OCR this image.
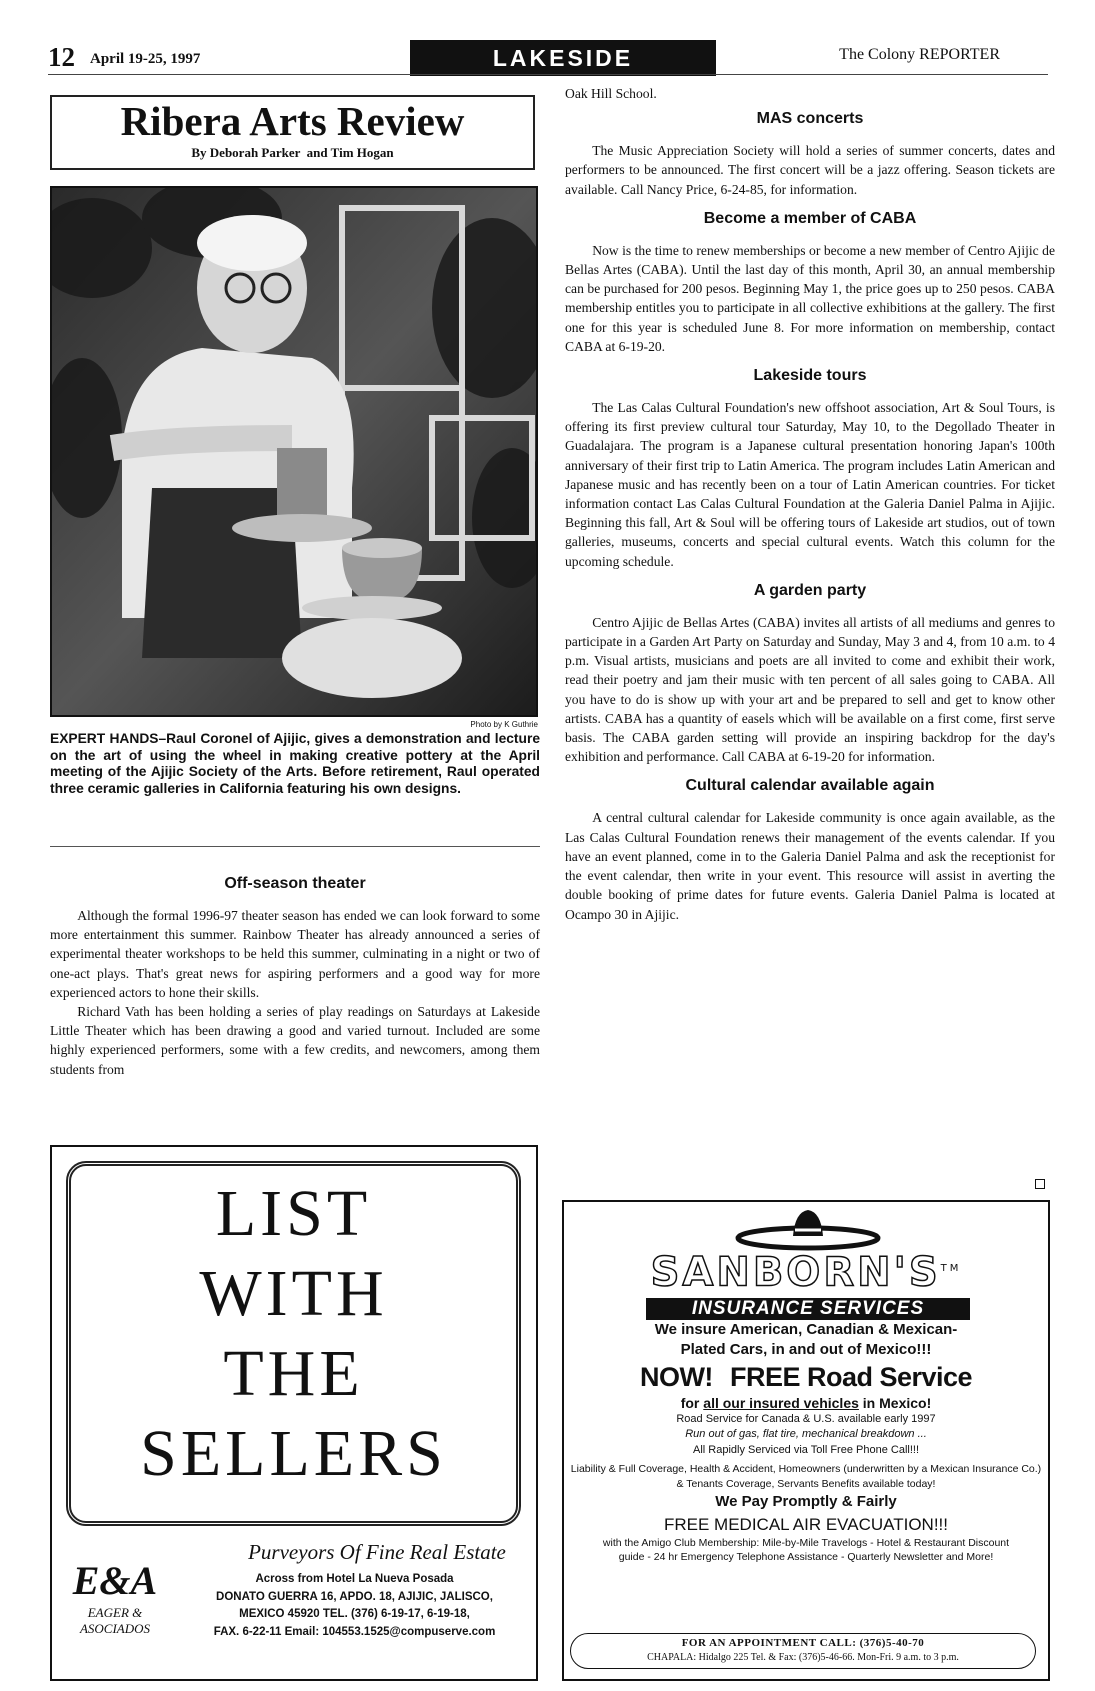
12 April 19-25, 1997	LAKESIDE	The Colony REPORTER
Ribera Arts Review
By Deborah Parker  and Tim Hogan
Photo by K Guthrie

EXPERT HANDS–Raul Coronel of Ajijic, gives a demonstration and lecture on the art of using the wheel in making creative pottery at the April meeting of the Ajijic Society of the Arts. Before retirement, Raul operated three ceramic galleries in California featuring his own designs.

Off-season theater

Although the formal 1996-97 theater season has ended we can look forward to some more entertainment this summer. Rainbow Theater has already announced a series of experimental theater workshops to be held this summer, culminating in a night or two of one-act plays. That's great news for aspiring performers and a good way for more experienced actors to hone their skills.

Richard Vath has been holding a series of play readings on Saturdays at Lakeside Little Theater which has been drawing a good and varied turnout. Included are some highly experienced performers, some with a few credits, and newcomers, among them students from

Oak Hill School.

MAS concerts

The Music Appreciation Society will hold a series of summer concerts, dates and performers to be announced. The first concert will be a jazz offering. Season tickets are available. Call Nancy Price, 6-24-85, for information.

Become a member of CABA

Now is the time to renew memberships or become a new member of Centro Ajijic de Bellas Artes (CABA). Until the last day of this month, April 30, an annual membership can be purchased for 200 pesos. Beginning May 1, the price goes up to 250 pesos. CABA membership entitles you to participate in all collective exhibitions at the gallery. The first one for this year is scheduled June 8. For more information on membership, contact CABA at 6-19-20.

Lakeside tours

The Las Calas Cultural Foundation's new offshoot association, Art & Soul Tours, is offering its first preview cultural tour Saturday, May 10, to the Degollado Theater in Guadalajara. The program is a Japanese cultural presentation honoring Japan's 100th anniversary of their first trip to Latin America. The program includes Latin American and Japanese music and has recently been on a tour of Latin American countries. For ticket information contact Las Calas Cultural Foundation at the Galeria Daniel Palma in Ajijic. Beginning this fall, Art & Soul will be offering tours of Lakeside art studios, out of town galleries, museums, concerts and special cultural events. Watch this column for the upcoming schedule.

A garden party

Centro Ajijic de Bellas Artes (CABA) invites all artists of all mediums and genres to participate in a Garden Art Party on Saturday and Sunday, May 3 and 4, from 10 a.m. to 4 p.m. Visual artists, musicians and poets are all invited to come and exhibit their work, read their poetry and jam their music with ten percent of all sales going to CABA. All you have to do is show up with your art and be prepared to sell and get to know other artists. CABA has a quantity of easels which will be available on a first come, first serve basis. The CABA garden setting will provide an inspiring backdrop for the day's exhibition and performance. Call CABA at 6-19-20 for information.

Cultural calendar available again

A central cultural calendar for Lakeside community is once again available, as the Las Calas Cultural Foundation renews their management of the events calendar. If you have an event planned, come in to the Galeria Daniel Palma and ask the receptionist for the event calendar, then write in your event. This resource will assist in averting the double booking of prime dates for future events. Galeria Daniel Palma is located at Ocampo 30 in Ajijic.

LIST
WITH
THE
SELLERS
Purveyors Of Fine Real Estate
E&A
EAGER & ASOCIADOS
Across from Hotel La Nueva Posada
DONATO GUERRA 16, APDO. 18, AJIJIC, JALISCO,
MEXICO 45920 TEL. (376) 6-19-17, 6-19-18,
FAX. 6-22-11 Email: 104553.1525@compuserve.com
SANBORN'S™
INSURANCE SERVICES
We insure American, Canadian & Mexican-
Plated Cars, in and out of Mexico!!!
NOW! FREE Road Service
for all our insured vehicles in Mexico!
Road Service for Canada & U.S. available early 1997
Run out of gas, flat tire, mechanical breakdown ...
All Rapidly Serviced via Toll Free Phone Call!!!
Liability & Full Coverage, Health & Accident, Homeowners (underwritten by a Mexican Insurance Co.) & Tenants Coverage, Servants Benefits available today!
We Pay Promptly & Fairly
FREE MEDICAL AIR EVACUATION!!!
with the Amigo Club Membership: Mile-by-Mile Travelogs - Hotel & Restaurant Discount guide - 24 hr Emergency Telephone Assistance - Quarterly Newsletter and More!
FOR AN APPOINTMENT CALL: (376)5-40-70
CHAPALA: Hidalgo 225 Tel. & Fax: (376)5-46-66. Mon-Fri. 9 a.m. to 3 p.m.
